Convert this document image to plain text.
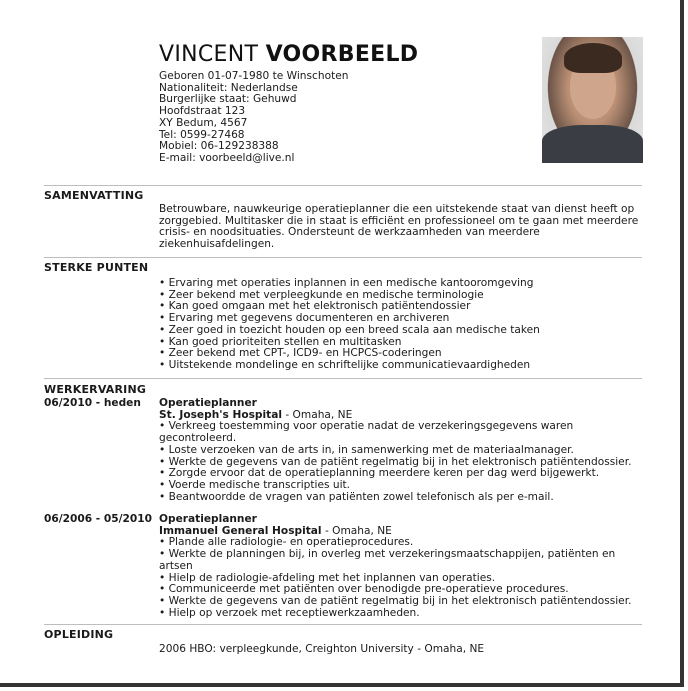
VINCENT VOORBEELD
Geboren 01-07-1980 te Winschoten
Nationaliteit: Nederlandse
Burgerlijke staat: Gehuwd
Hoofdstraat 123
XY Bedum, 4567
Tel: 0599-27468
Mobiel: 06-129238388
E-mail: voorbeeld@live.nl
SAMENVATTING

Betrouwbare, nauwkeurige operatieplanner die een uitstekende staat van dienst heeft op zorggebied. Multitasker die in staat is efficiënt en professioneel om te gaan met meerdere crisis- en noodsituaties. Ondersteunt de werkzaamheden van meerdere ziekenhuisafdelingen.

STERKE PUNTEN
• Ervaring met operaties inplannen in een medische kantooromgeving
• Zeer bekend met verpleegkunde en medische terminologie
• Kan goed omgaan met het elektronisch patiëntendossier
• Ervaring met gegevens documenteren en archiveren
• Zeer goed in toezicht houden op een breed scala aan medische taken
• Kan goed prioriteiten stellen en multitasken
• Zeer bekend met CPT-, ICD9- en HCPCS-coderingen
• Uitstekende mondelinge en schriftelijke communicatievaardigheden
WERKERVARING
06/2010 - heden Operatieplanner
St. Joseph's Hospital - Omaha, NE
• Verkreeg toestemming voor operatie nadat de verzekeringsgegevens waren gecontroleerd.
• Loste verzoeken van de arts in, in samenwerking met de materiaalmanager.
• Werkte de gegevens van de patiënt regelmatig bij in het elektronisch patiëntendossier.
• Zorgde ervoor dat de operatieplanning meerdere keren per dag werd bijgewerkt.
• Voerde medische transcripties uit.
• Beantwoordde de vragen van patiënten zowel telefonisch als per e-mail.
06/2006 - 05/2010 Operatieplanner
Immanuel General Hospital - Omaha, NE
• Plande alle radiologie- en operatieprocedures.
• Werkte de planningen bij, in overleg met verzekeringsmaatschappijen, patiënten en artsen
• Hielp de radiologie-afdeling met het inplannen van operaties.
• Communiceerde met patiënten over benodigde pre-operatieve procedures.
• Werkte de gegevens van de patiënt regelmatig bij in het elektronisch patiëntendossier.
• Hielp op verzoek met receptiewerkzaamheden.
OPLEIDING

2006 HBO: verpleegkunde, Creighton University - Omaha, NE
